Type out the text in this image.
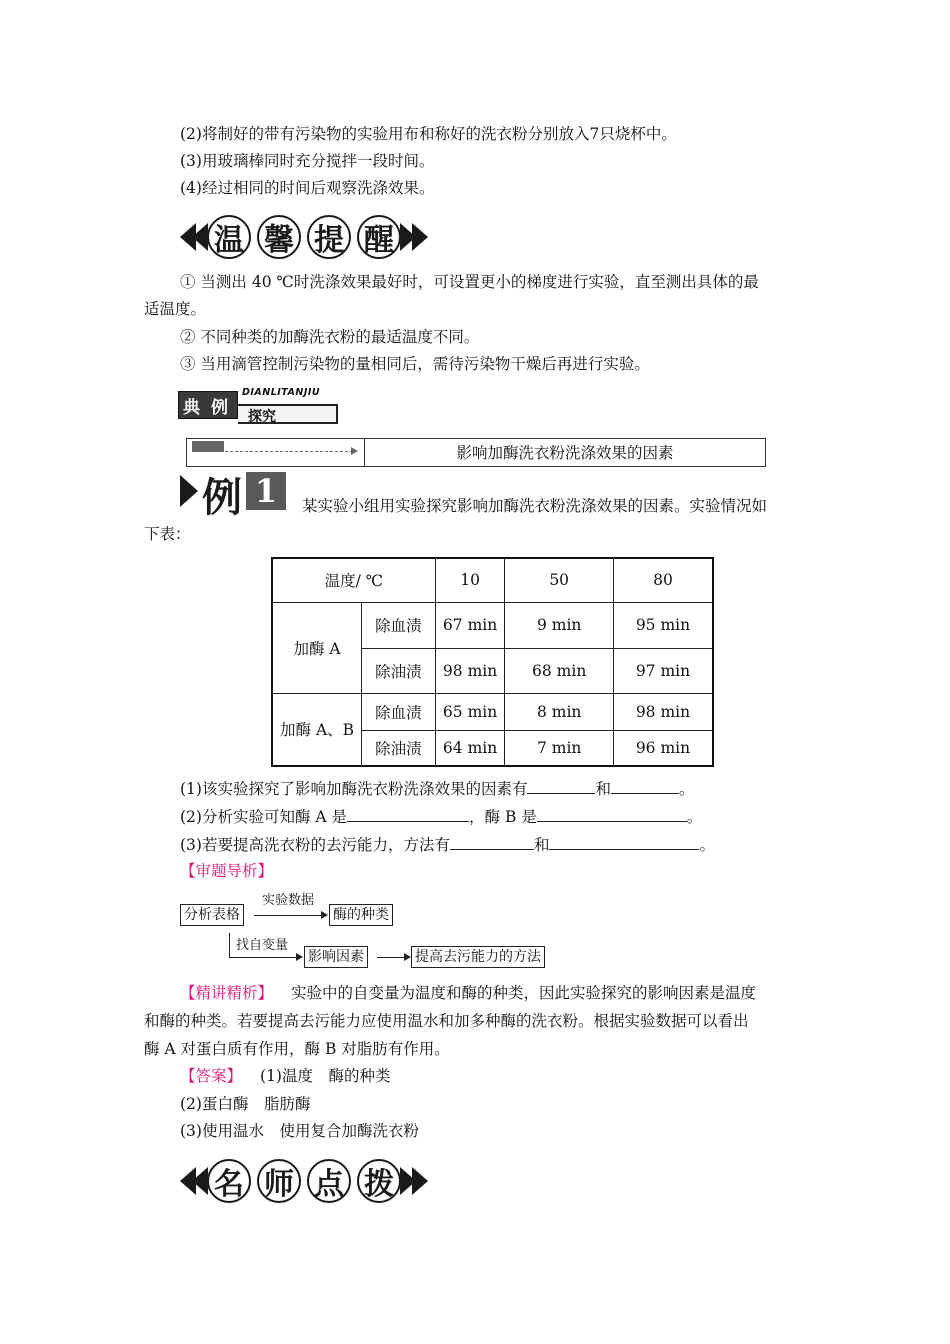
(2)将制好的带有污染物的实验用布和称好的洗衣粉分别放入7只烧杯中。
(3)用玻璃棒同时充分搅拌一段时间。
(4)经过相同的时间后观察洗涤效果。
温 馨 提 醒
① 当测出 40 ℃时洗涤效果最好时，可设置更小的梯度进行实验，直至测出具体的最
适温度。
② 不同种类的加酶洗衣粉的最适温度不同。
③ 当用滴管控制污染物的量相同后，需待污染物干燥后再进行实验。
典 例
DIANLITANJIU
探究
影响加酶洗衣粉洗涤效果的因素
例 1	某实验小组用实验探究影响加酶洗衣粉洗涤效果的因素。实验情况如
下表：
温度/ ℃		10	50	80
加酶 A	除血渍	67 min	9 min	95 min
	除油渍	98 min	68 min	97 min
加酶 A、B	除血渍	65 min	8 min	98 min
	除油渍	64 min	7 min	96 min
(1)该实验探究了影响加酶洗衣粉洗涤效果的因素有	和	。
(2)分析实验可知酶 A 是	，酶 B 是	。
(3)若要提高洗衣粉的去污能力，方法有	和	。
【审题导析】
分析表格
实验数据
酶的种类
找自变量
影响因素	提高去污能力的方法
【精讲精析】 实验中的自变量为温度和酶的种类，因此实验探究的影响因素是温度
和酶的种类。若要提高去污能力应使用温水和加多种酶的洗衣粉。根据实验数据可以看出
酶 A 对蛋白质有作用，酶 B 对脂肪有作用。
【答案】 (1)温度　酶的种类
(2)蛋白酶　脂肪酶
(3)使用温水　使用复合加酶洗衣粉
名 师 点 拨
